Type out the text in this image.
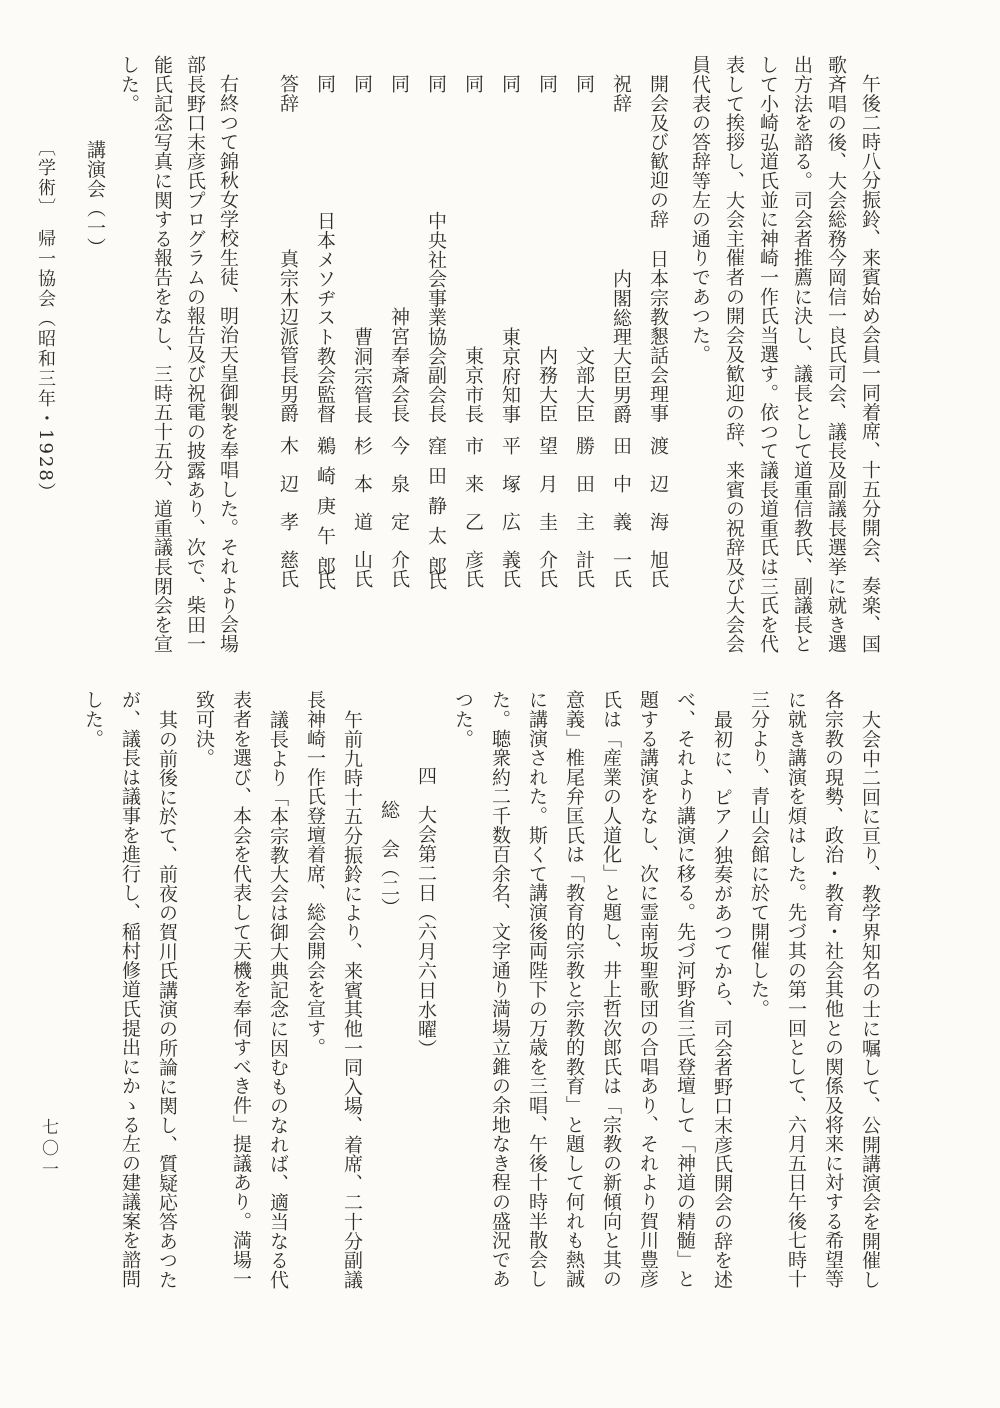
午後二時八分振鈴、来賓始め会員一同着席、十五分開会、奏楽、国
歌斉唱の後、大会総務今岡信一良氏司会、議長及副議長選挙に就き選
出方法を諮る。司会者推薦に決し、議長として道重信教氏、副議長と
して小崎弘道氏並に神崎一作氏当選す。依つて議長道重氏は三氏を代
表して挨拶し、大会主催者の開会及歓迎の辞、来賓の祝辞及び大会会
員代表の答辞等左の通りであつた。
開会及び歓迎の辞
日本宗教懇話会理事
渡　辺　海　旭氏
祝辞
内閣総理大臣男爵
田　中　義　一氏
同
文部大臣
勝　田　主　計氏
同
内務大臣
望　月　圭　介氏
同
東京府知事
平　塚　広　義氏
同
東京市長
市　来　乙　彦氏
同
中央社会事業協会副会長
窪　田　静　太　郎氏
同
神宮奉斎会長
今　泉　定　介氏
同
曹洞宗管長
杉　本　道　山氏
同
日本メソヂスト教会監督
鵜　崎　庚　午　郎氏
答辞
真宗木辺派管長男爵
木　辺　孝　慈氏
右終つて錦秋女学校生徒、明治天皇御製を奉唱した。それより会場
部長野口末彦氏プログラムの報告及び祝電の披露あり、次で、柴田一
能氏記念写真に関する報告をなし、三時五十五分、道重議長閉会を宣
した。
講演会（一）
〔学術〕　帰一協会（昭和三年・1928）
大会中二回に亘り、教学界知名の士に嘱して、公開講演会を開催し
各宗教の現勢、政治・教育・社会其他との関係及将来に対する希望等
に就き講演を煩はした。先づ其の第一回として、六月五日午後七時十
三分より、青山会館に於て開催した。
最初に、ピアノ独奏があつてから、司会者野口末彦氏開会の辞を述
べ、それより講演に移る。先づ河野省三氏登壇して「神道の精髄」と
題する講演をなし、次に霊南坂聖歌団の合唱あり、それより賀川豊彦
氏は「産業の人道化」と題し、井上哲次郎氏は「宗教の新傾向と其の
意義」椎尾弁匡氏は「教育的宗教と宗教的教育」と題して何れも熱誠
に講演された。斯くて講演後両陛下の万歳を三唱、午後十時半散会し
た。聴衆約二千数百余名、文字通り満場立錐の余地なき程の盛況であ
つた。
四　大会第二日（六月六日水曜）
総　会（二）
午前九時十五分振鈴により、来賓其他一同入場、着席、二十分副議
長神崎一作氏登壇着席、総会開会を宣す。
議長より「本宗教大会は御大典記念に因むものなれば、適当なる代
表者を選び、本会を代表して天機を奉伺すべき件」提議あり。満場一
致可決。
其の前後に於て、前夜の賀川氏講演の所論に関し、質疑応答あつた
が、議長は議事を進行し、稲村修道氏提出にかゝる左の建議案を諮問
した。
七〇一
